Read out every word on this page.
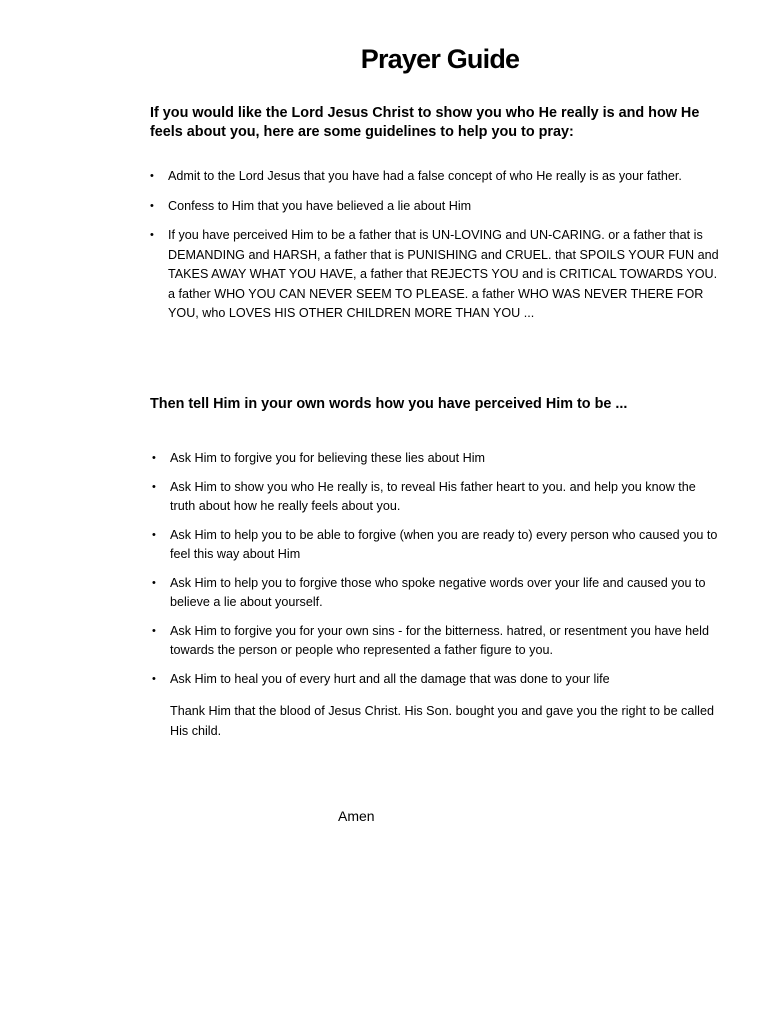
Prayer Guide
If you would like the Lord Jesus Christ to show you who He really is and how He feels about you, here are some guidelines to help you to pray:
• Admit to the Lord Jesus that you have had a false concept of who He really is as your father.
• Confess to Him that you have believed a lie about Him
• If you have perceived Him to be a father that is UN-LOVING and UN-CARING. or a father that is DEMANDING and HARSH, a father that is PUNISHING and CRUEL. that SPOILS YOUR FUN and TAKES AWAY WHAT YOU HAVE, a father that REJECTS YOU and is CRITICAL TOWARDS YOU. a father WHO YOU CAN NEVER SEEM TO PLEASE. a father WHO WAS NEVER THERE FOR YOU, who LOVES HIS OTHER CHILDREN MORE THAN YOU ...
Then tell Him in your own words how you have perceived Him to be ...
• Ask Him to forgive you for believing these lies about Him
• Ask Him to show you who He really is, to reveal His father heart to you. and help you know the truth about how he really feels about you.
• Ask Him to help you to be able to forgive (when you are ready to) every person who caused you to feel this way about Him
• Ask Him to help you to forgive those who spoke negative words over your life and caused you to believe a lie about yourself.
• Ask Him to forgive you for your own sins - for the bitterness. hatred, or resentment you have held towards the person or people who represented a father figure to you.
• Ask Him to heal you of every hurt and all the damage that was done to your life
Thank Him that the blood of Jesus Christ. His Son. bought you and gave you the right to be called His child.
Amen
